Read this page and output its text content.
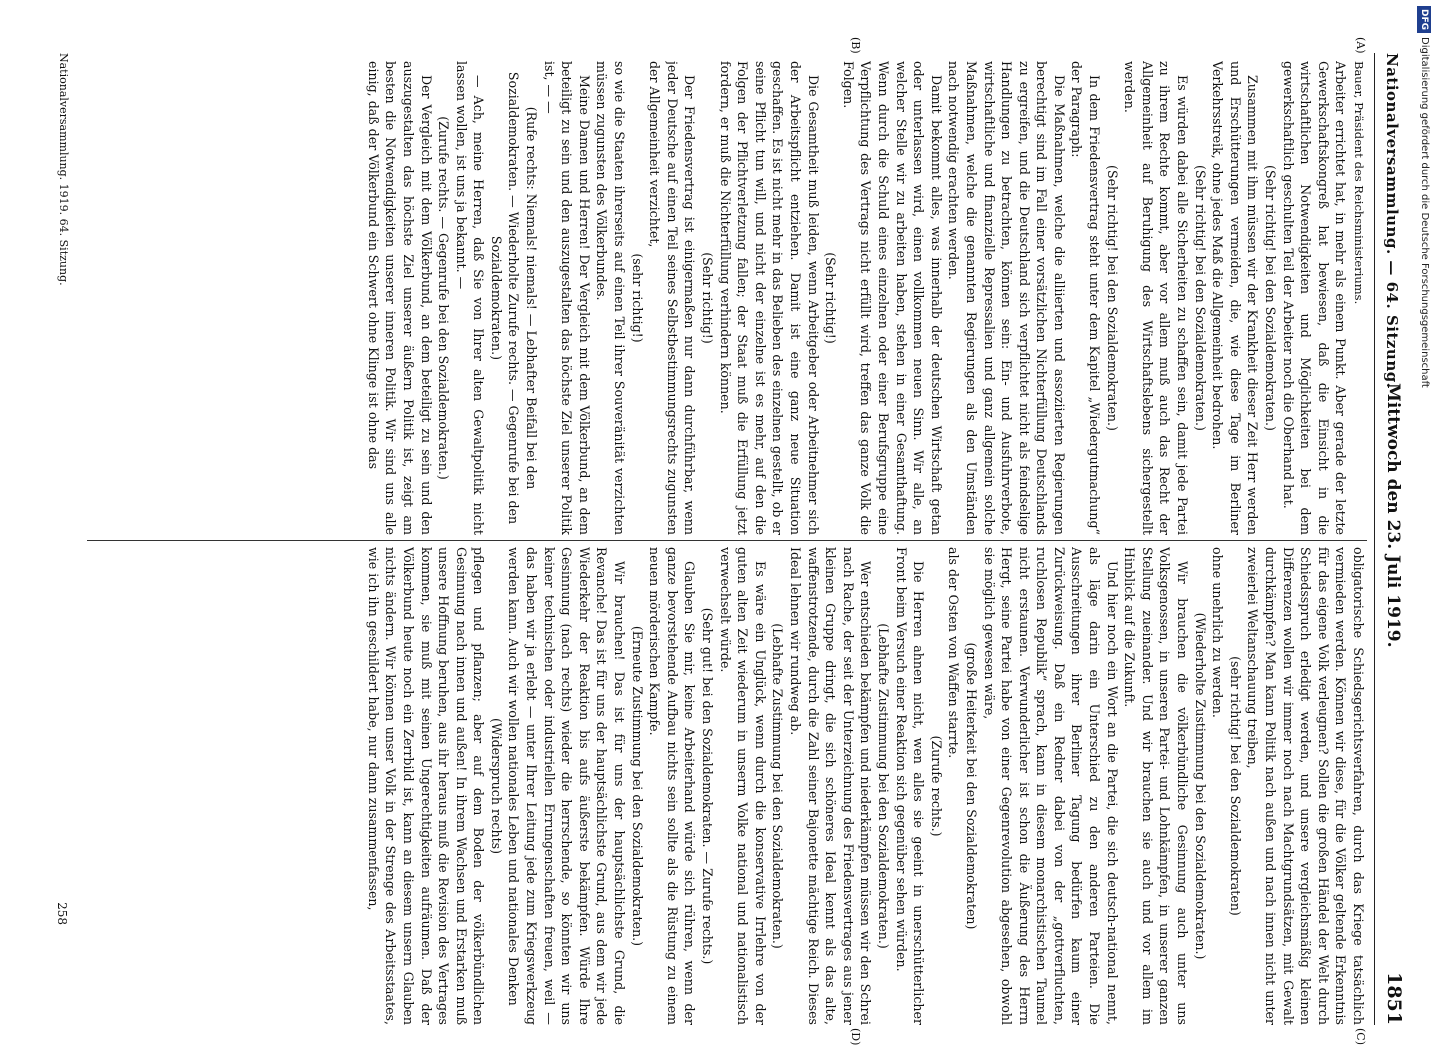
Nationalversammlung. — 64. Sitzung.
Mittwoch den 23. Juli 1919.
1851
(A)
(B)
(C)
(D)

Bauer, Präsident des Reichsministeriums.

Arbeiter errichtet hat, in mehr als einem Punkt. Aber gerade der letzte Gewerkschaftskongreß hat bewiesen, daß die Einsicht in die wirtschaftlichen Notwendigkeiten und Möglichkeiten bei dem gewerkschaftlich geschulten Teil der Arbeiter noch die Oberhand hat.

(Sehr richtig! bei den Sozialdemokraten.)

Zusammen mit ihm müssen wir der Krankheit dieser Zeit Herr werden und Erschütterungen vermeiden, die, wie diese Tage im Berliner Verkehrsstreik, ohne jedes Maß die Allgemeinheit bedrohen.

(Sehr richtig! bei den Sozialdemokraten.)

Es würden dabei alle Sicherheiten zu schaffen sein, damit jede Partei zu ihrem Rechte kommt, aber vor allem muß auch das Recht der Allgemeinheit auf Beruhigung des Wirtschaftslebens sichergestellt werden.

(Sehr richtig! bei den Sozialdemokraten.)

In dem Friedensvertrag steht unter dem Kapitel „Wiedergutmachung“ der Paragraph:

Die Maßnahmen, welche die alliierten und assoziierten Regierungen berechtigt sind im Fall einer vorsätzlichen Nichterfüllung Deutschlands zu ergreifen, und die Deutschland sich verpflichtet nicht als feindselige Handlungen zu betrachten, können sein: Ein- und Ausfuhrverbote, wirtschaftliche und finanzielle Repressalien und ganz allgemein solche Maßnahmen, welche die genannten Regierungen als den Umständen nach notwendig erachten werden.

Damit bekommt alles, was innerhalb der deutschen Wirtschaft getan oder unterlassen wird, einen vollkommen neuen Sinn. Wir alle, an welcher Stelle wir zu arbeiten haben, stehen in einer Gesamthaftung. Wenn durch die Schuld eines einzelnen oder einer Berufsgruppe eine Verpflichtung des Vertrags nicht erfüllt wird, treffen das ganze Volk die Folgen.

(Sehr richtig!)

Die Gesamtheit muß leiden, wenn Arbeitgeber oder Arbeitnehmer sich der Arbeitspflicht entziehen. Damit ist eine ganz neue Situation geschaffen. Es ist nicht mehr in das Belieben des einzelnen gestellt, ob er seine Pflicht tun will, und nicht der einzelne ist es mehr, auf den die Folgen der Pflichtverletzung fallen; der Staat muß die Erfüllung jetzt fordern, er muß die Nichterfüllung verhindern können.

(Sehr richtig!)

Der Friedensvertrag ist einigermaßen nur dann durchführbar, wenn jeder Deutsche auf einen Teil seines Selbstbestimmungsrechts zugunsten der Allgemeinheit verzichtet,

(sehr richtig!)

so wie die Staaten ihrerseits auf einen Teil ihrer Souveränität verzichten müssen zugunsten des Völkerbundes.

Meine Damen und Herren! Der Vergleich mit dem Völkerbund, an dem beteiligt zu sein und den auszugestalten das höchste Ziel unserer Politik ist, — —

(Rufe rechts: Niemals! niemals! — Lebhafter Beifall bei den Sozialdemokraten. — Wiederholte Zurufe rechts. — Gegenrufe bei den Sozialdemokraten.)

— Ach, meine Herren, daß Sie von Ihrer alten Gewaltpolitik nicht lassen wollen, ist uns ja bekannt. —

(Zurufe rechts. — Gegenrufe bei den Sozialdemokraten.)

Der Vergleich mit dem Völkerbund, an dem beteiligt zu sein und den auszugestalten das höchste Ziel unserer äußern Politik ist, zeigt am besten die Notwendigkeiten unserer inneren Politik. Wir sind uns alle einig, daß der Völkerbund ein Schwert ohne Klinge ist ohne das

obligatorische Schiedsgerichtsverfahren, durch das Kriege tatsächlich vermieden werden. Können wir diese, für die Völker geltende Erkenntnis für das eigene Volk verleugnen? Sollen die großen Händel der Welt durch Schiedsspruch erledigt werden, und unsere vergleichsmäßig kleinen Differenzen wollen wir immer noch nach Machtgrundsätzen, mit Gewalt durchkämpfen? Man kann Politik nach außen und nach innen nicht unter zweierlei Weltanschauung treiben,

(sehr richtig! bei den Sozialdemokraten)

ohne unehrlich zu werden.

(Wiederholte Zustimmung bei den Sozialdemokraten.)

Wir brauchen die völkerbündliche Gesinnung auch unter uns Volksgenossen, in unseren Partei- und Lohnkämpfen, in unserer ganzen Stellung zueinander. Und wir brauchen sie auch und vor allem im Hinblick auf die Zukunft.

Und hier noch ein Wort an die Partei, die sich deutsch-national nennt, als läge darin ein Unterschied zu den anderen Parteien. Die Ausschreitungen ihrer Berliner Tagung bedürfen kaum einer Zurückweisung. Daß ein Redner dabei von der „gottverfluchten, ruchlosen Republik“ sprach, kann in diesem monarchistischen Taumel nicht erstaunen. Verwunderlicher ist schon die Äußerung des Herrn Hergt, seine Partei habe von einer Gegenrevolution abgesehen, obwohl sie möglich gewesen wäre,

(große Heiterkeit bei den Sozialdemokraten)

als der Osten von Waffen starrte.

(Zurufe rechts.)

Die Herren ahnen nicht, wen alles sie geeint in unerschütterlicher Front beim Versuch einer Reaktion sich gegenüber sehen würden.

(Lebhafte Zustimmung bei den Sozialdemokraten.)

Wer entschieden bekämpfen und niederkämpfen müssen wir den Schrei nach Rache, der seit der Unterzeichnung des Friedensvertrages aus jener kleinen Gruppe dringt, die sich schöneres Ideal kennt als das alte, waffenstrotzende, durch die Zahl seiner Bajonette mächtige Reich. Dieses Ideal lehnen wir rundweg ab.

(Lebhafte Zustimmung bei den Sozialdemokraten.)

Es wäre ein Unglück, wenn durch die konservative Irrlehre von der guten alten Zeit wiederum in unserm Volke national und nationalistisch verwechselt würde.

(Sehr gut! bei den Sozialdemokraten. — Zurufe rechts.)

Glauben Sie mir, keine Arbeiterhand würde sich rühren, wenn der ganze bevorstehende Aufbau nichts sein sollte als die Rüstung zu einem neuen mörderischen Kampfe.

(Erneute Zustimmung bei den Sozialdemokraten.)

Wir brauchen! Das ist für uns der hauptsächlichste Grund, die Revanche! Das ist für uns der hauptsächlichste Grund, aus dem wir jede Wiederkehr der Reaktion bis aufs äußerste bekämpfen. Würde Ihre Gesinnung (nach rechts) wieder die herrschende, so könnten wir uns keiner technischen oder industriellen Errungenschaften freuen, weil — das haben wir ja erlebt — unter Ihrer Leitung jede zum Kriegswerkzeug werden kann. Auch wir wollen nationales Leben und nationales Denken

(Widerspruch rechts)

pflegen und pflanzen; aber auf dem Boden der völkerbündlichen Gesinnung nach innen und außen! In ihrem Wachsen und Erstarken muß unsere Hoffnung beruhen, aus ihr heraus muß die Revision des Vertrages kommen, sie muß mit seinen Ungerechtigkeiten aufräumen. Daß der Völkerbund heute noch ein Zerrbild ist, kann an diesem unsern Glauben nichts ändern. Wir können unser Volk in der Strenge des Arbeitsstaates, wie ich ihn geschildert habe, nur dann zusammenfassen,

Nationalversammlung. 1919. 64. Sitzung.
258
DFGDigitalisierung gefördert durch die Deutsche Forschungsgemeinschaft
